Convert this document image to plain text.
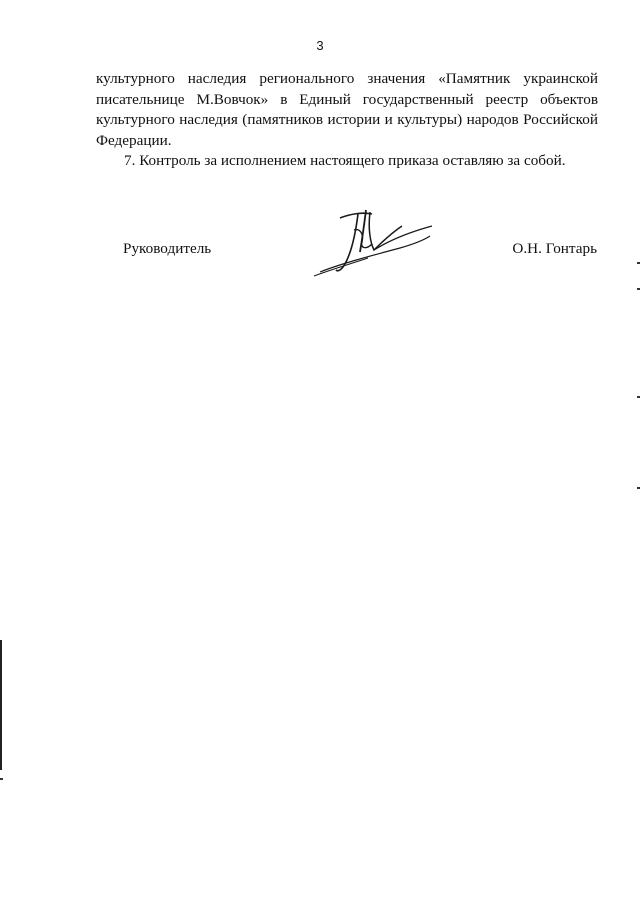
3
культурного наследия регионального значения «Памятник украинской
писательнице М.Вовчок» в Единый государственный реестр объектов
культурного наследия (памятников истории и культуры) народов Российской
Федерации.
7. Контроль за исполнением настоящего приказа оставляю за собой.
Руководитель	О.Н. Гонтарь
